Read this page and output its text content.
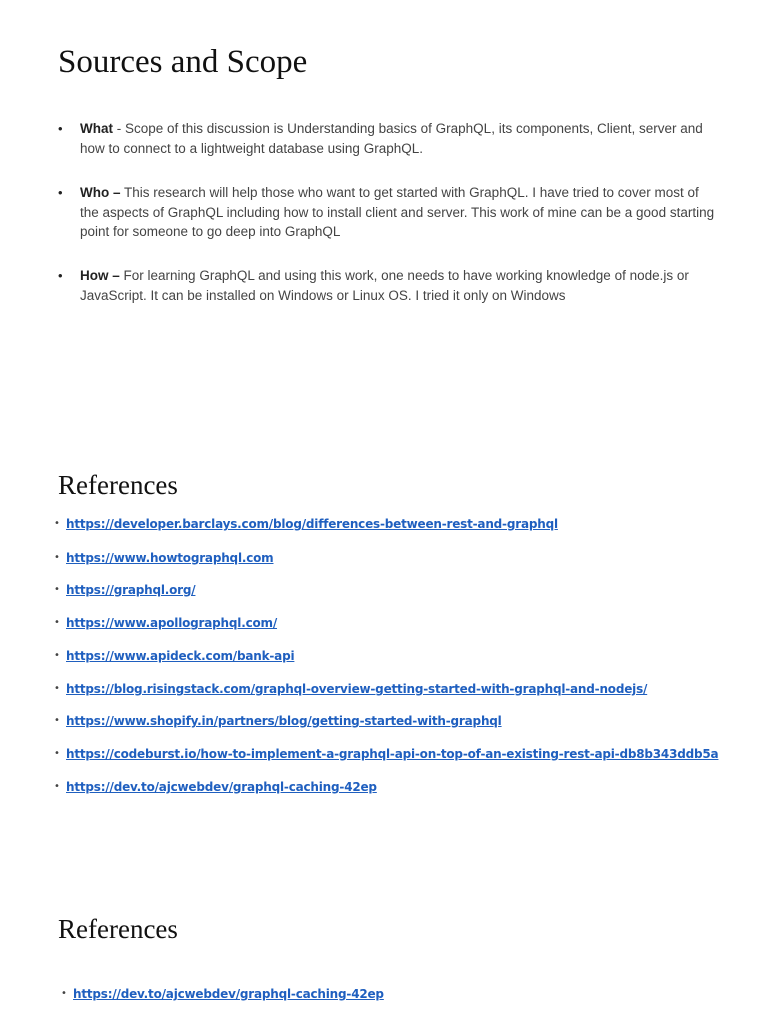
Sources and Scope
• What - Scope of this discussion is Understanding basics of GraphQL, its components, Client, server and how to connect to a lightweight database using GraphQL.
• Who – This research will help those who want to get started with GraphQL. I have tried to cover most of the aspects of GraphQL including how to install client and server. This work of mine can be a good starting point for someone to go deep into GraphQL
• How – For learning GraphQL and using this work, one needs to have working knowledge of node.js or JavaScript. It can be installed on Windows or Linux OS. I tried it only on Windows
References
• https://developer.barclays.com/blog/differences-between-rest-and-graphql
• https://www.howtographql.com
• https://graphql.org/
• https://www.apollographql.com/
• https://www.apideck.com/bank-api
• https://blog.risingstack.com/graphql-overview-getting-started-with-graphql-and-nodejs/
• https://www.shopify.in/partners/blog/getting-started-with-graphql
• https://codeburst.io/how-to-implement-a-graphql-api-on-top-of-an-existing-rest-api-db8b343ddb5a
• https://dev.to/ajcwebdev/graphql-caching-42ep
References
• https://dev.to/ajcwebdev/graphql-caching-42ep
